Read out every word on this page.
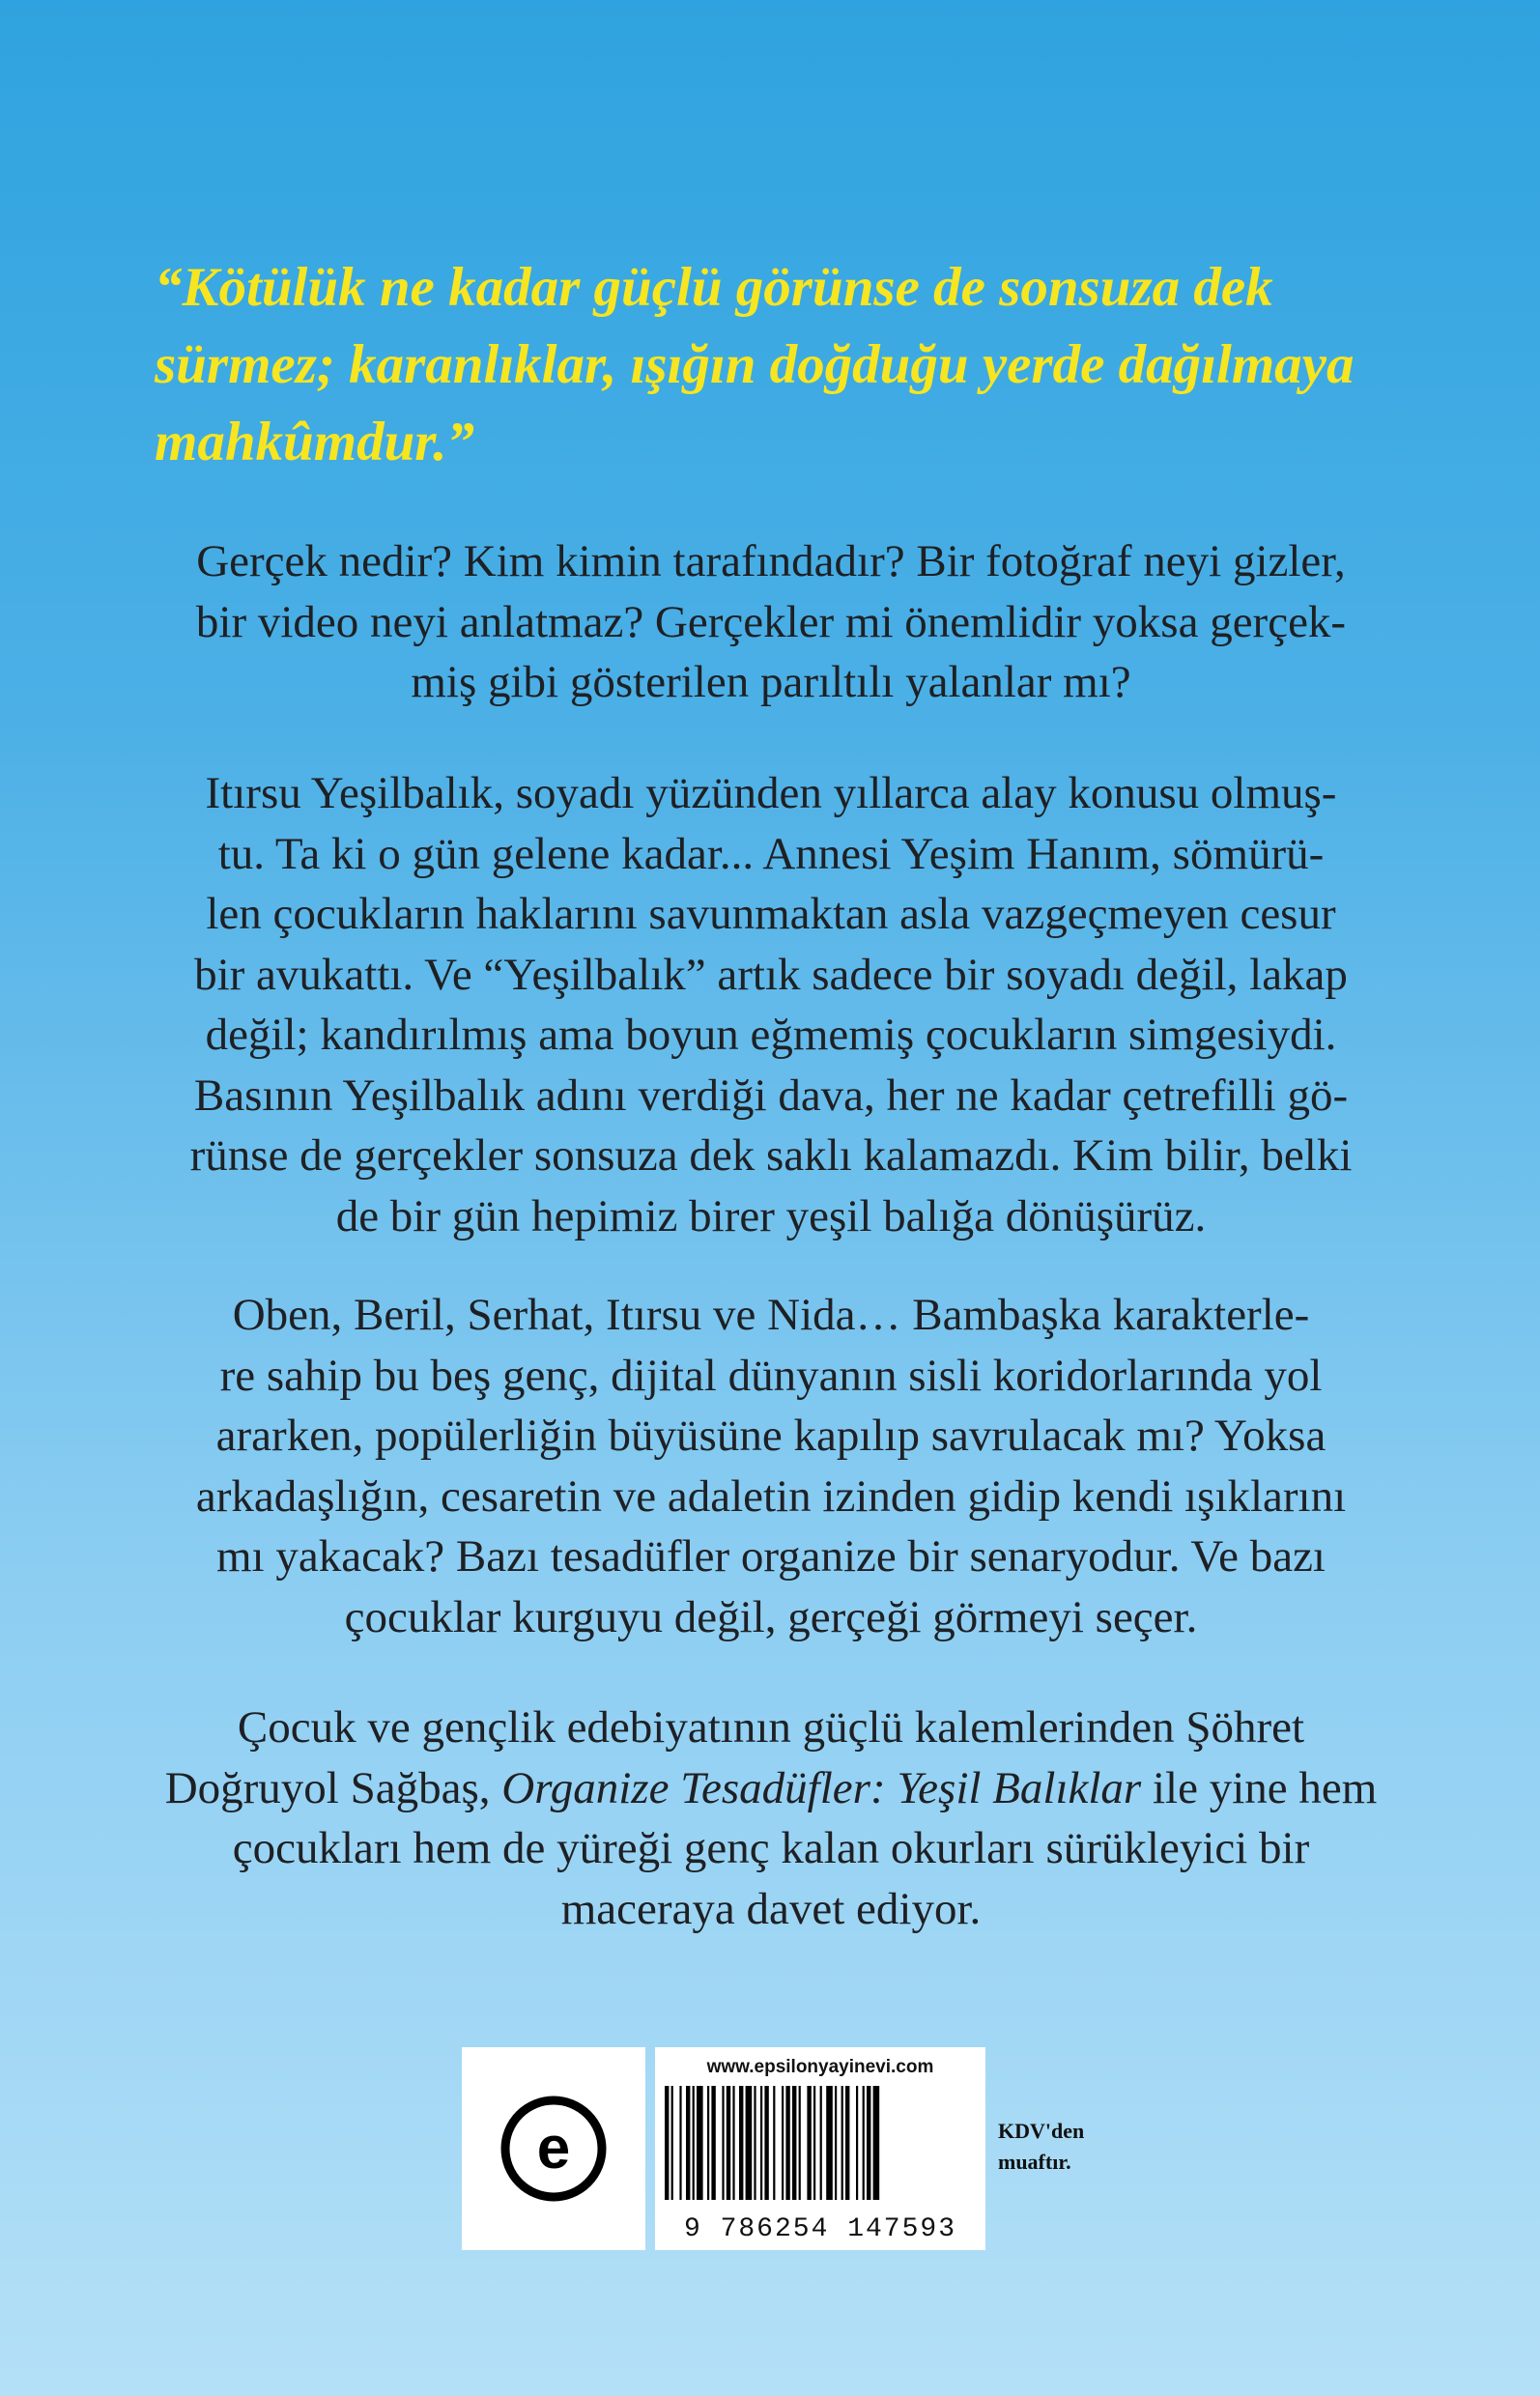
“Kötülük ne kadar güçlü görünse de sonsuza dek
sürmez; karanlıklar, ışığın doğduğu yerde dağılmaya
mahkûmdur.”

Gerçek nedir? Kim kimin tarafındadır? Bir fotoğraf neyi gizler,
bir video neyi anlatmaz? Gerçekler mi önemlidir yoksa gerçek-
miş gibi gösterilen parıltılı yalanlar mı?

Itırsu Yeşilbalık, soyadı yüzünden yıllarca alay konusu olmuş-
tu. Ta ki o gün gelene kadar... Annesi Yeşim Hanım, sömürü-
len çocukların haklarını savunmaktan asla vazgeçmeyen cesur
bir avukattı. Ve “Yeşilbalık” artık sadece bir soyadı değil, lakap
değil; kandırılmış ama boyun eğmemiş çocukların simgesiydi.
Basının Yeşilbalık adını verdiği dava, her ne kadar çetrefilli gö-
rünse de gerçekler sonsuza dek saklı kalamazdı. Kim bilir, belki
de bir gün hepimiz birer yeşil balığa dönüşürüz.

Oben, Beril, Serhat, Itırsu ve Nida… Bambaşka karakterle-
re sahip bu beş genç, dijital dünyanın sisli koridorlarında yol
ararken, popülerliğin büyüsüne kapılıp savrulacak mı? Yoksa
arkadaşlığın, cesaretin ve adaletin izinden gidip kendi ışıklarını
mı yakacak? Bazı tesadüfler organize bir senaryodur. Ve bazı
çocuklar kurguyu değil, gerçeği görmeyi seçer.

Çocuk ve gençlik edebiyatının güçlü kalemlerinden Şöhret
Doğruyol Sağbaş, Organize Tesadüfler: Yeşil Balıklar ile yine hem
çocukları hem de yüreği genç kalan okurları sürükleyici bir
maceraya davet ediyor.

e
www.epsilonyayinevi.com
9 786254 147593

KDV'den
muaftır.
